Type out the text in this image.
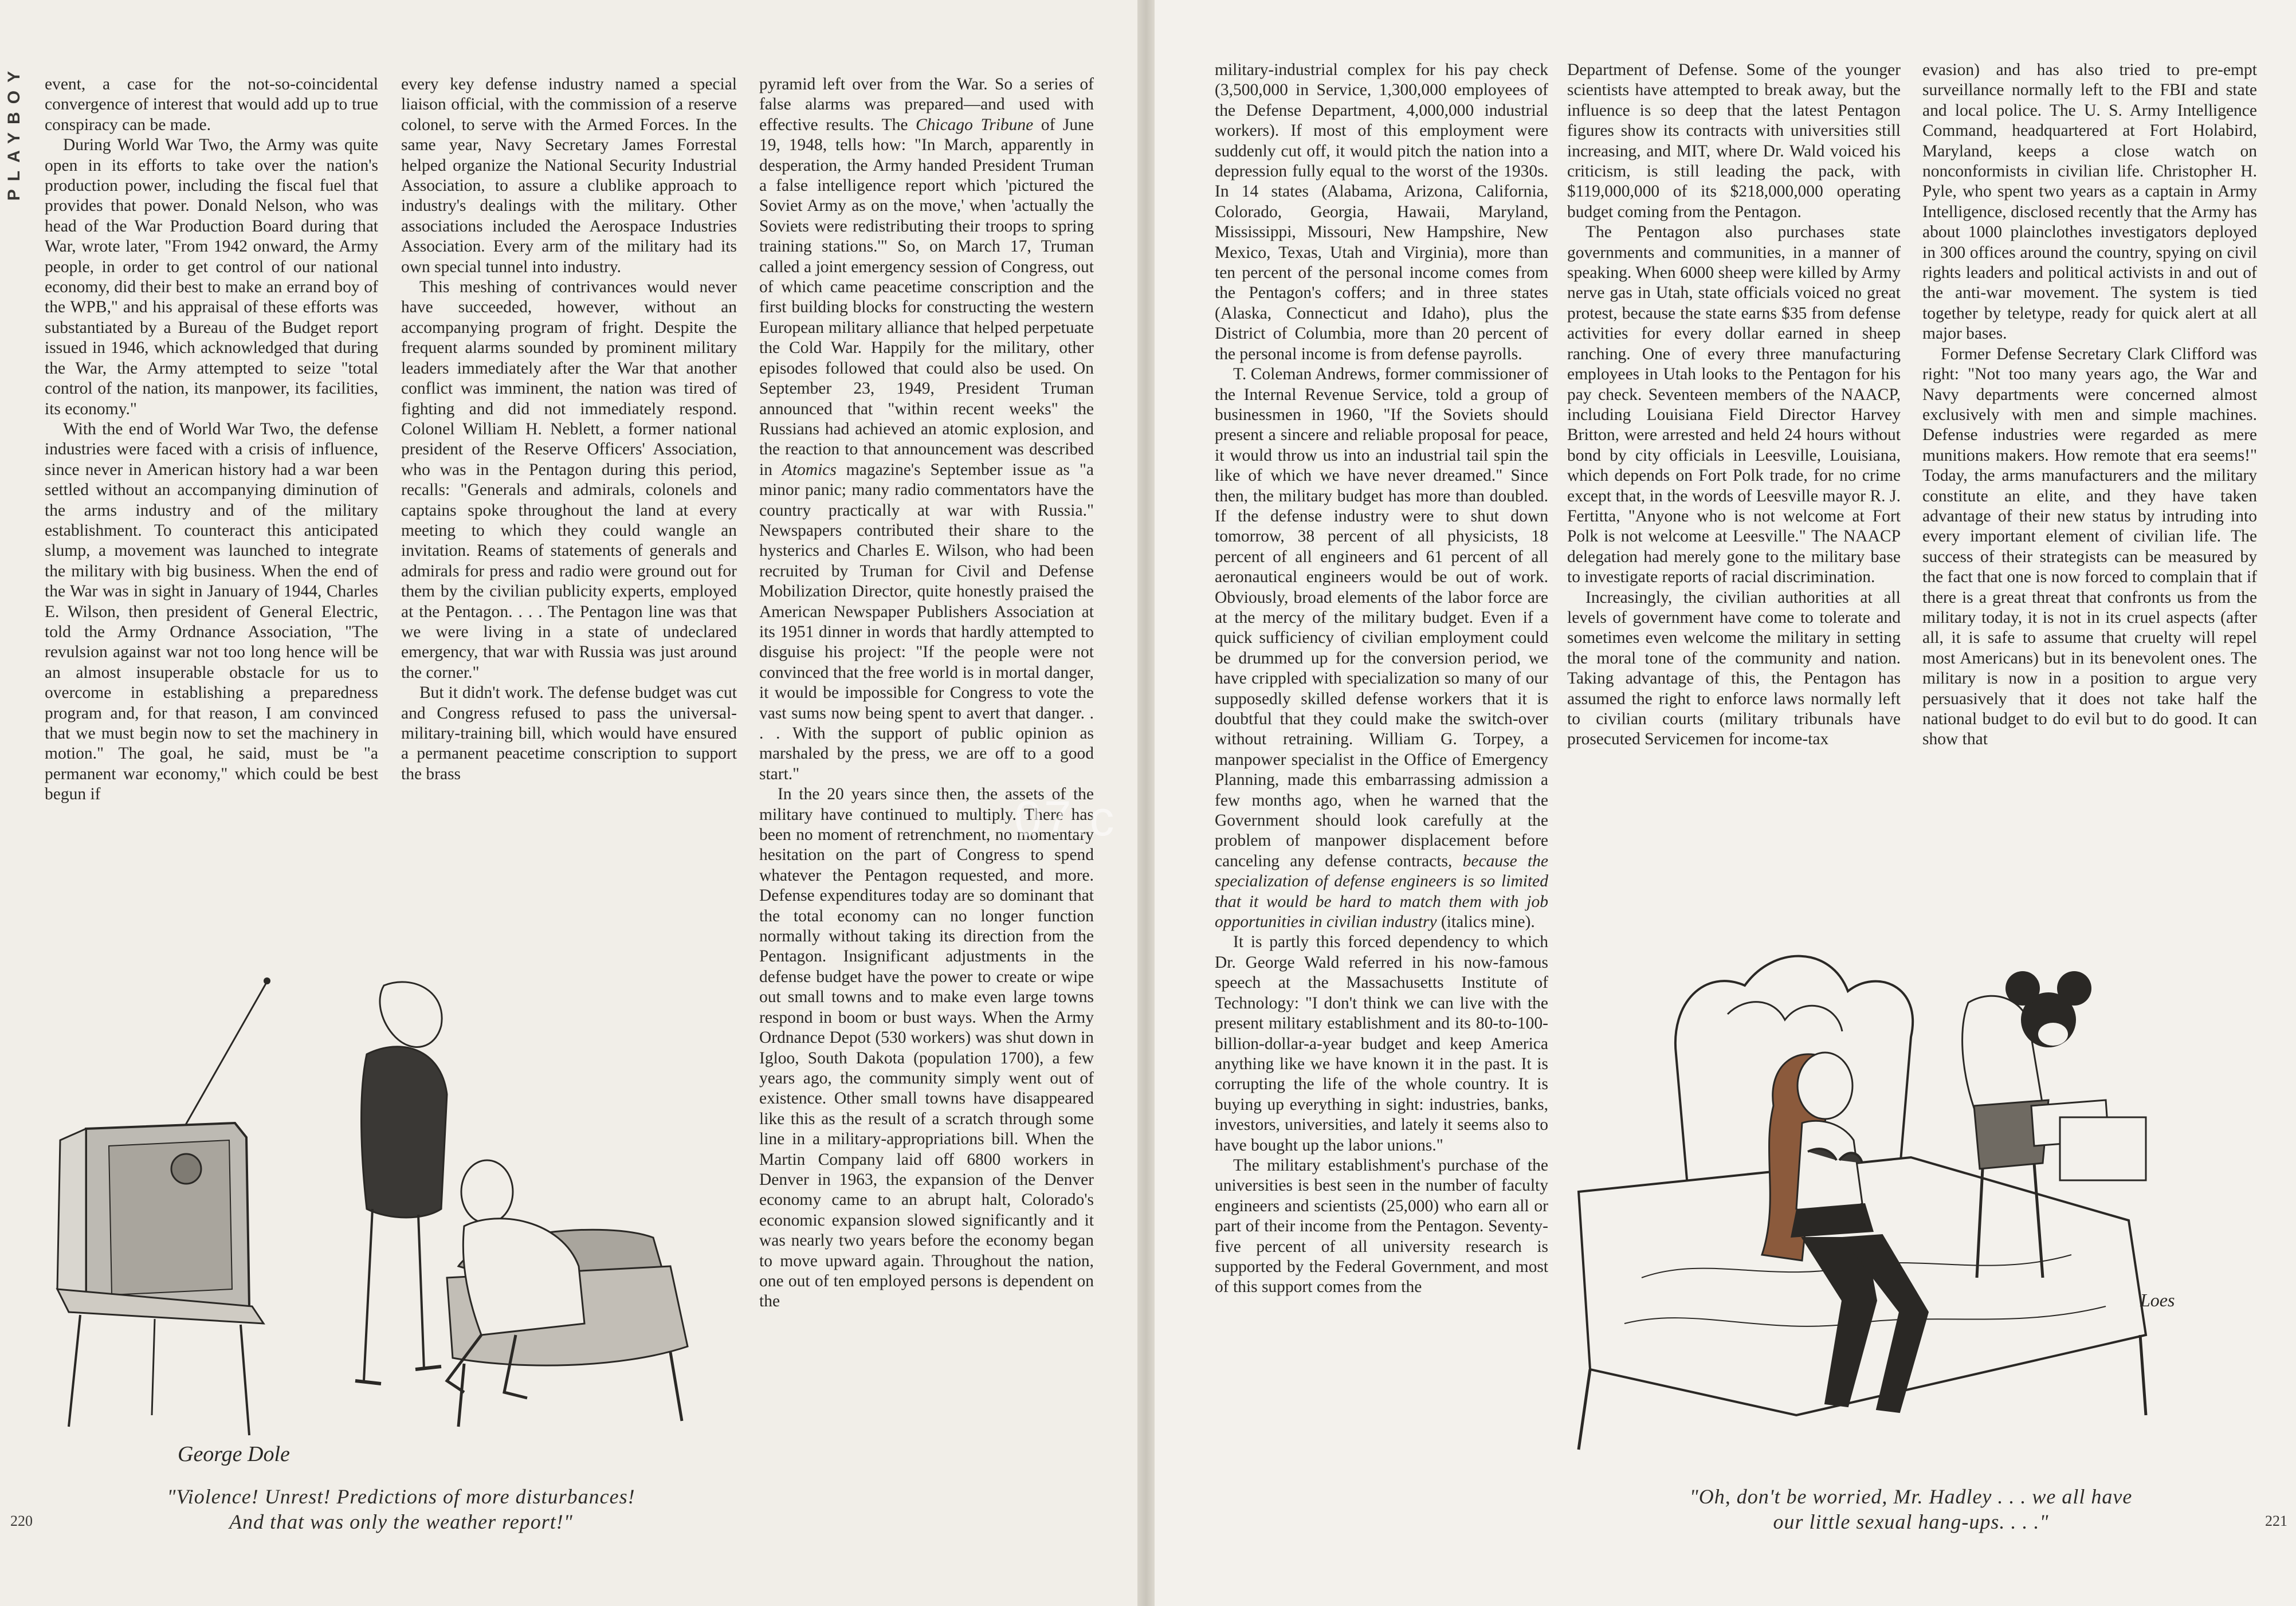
PLAYBOY event, a case for the not-so-coincidental convergence of interest that would add up to true conspiracy can be made.

During World War Two, the Army was quite open in its efforts to take over the nation's production power, including the fiscal fuel that provides that power. Donald Nelson, who was head of the War Production Board during that War, wrote later, "From 1942 onward, the Army people, in order to get control of our national economy, did their best to make an errand boy of the WPB," and his appraisal of these efforts was substantiated by a Bureau of the Budget report issued in 1946, which acknowledged that during the War, the Army attempted to seize "total control of the nation, its manpower, its facilities, its economy."

With the end of World War Two, the defense industries were faced with a crisis of influence, since never in American history had a war been settled without an accompanying diminution of the arms industry and of the military establishment. To counteract this anticipated slump, a movement was launched to integrate the military with big business. When the end of the War was in sight in January of 1944, Charles E. Wilson, then president of General Electric, told the Army Ordnance Association, "The revulsion against war not too long hence will be an almost insuperable obstacle for us to overcome in establishing a preparedness program and, for that reason, I am convinced that we must begin now to set the machinery in motion." The goal, he said, must be "a permanent war economy," which could be best begun if

every key defense industry named a special liaison official, with the commission of a reserve colonel, to serve with the Armed Forces. In the same year, Navy Secretary James Forrestal helped organize the National Security Industrial Association, to assure a clublike approach to industry's dealings with the military. Other associations included the Aerospace Industries Association. Every arm of the military had its own special tunnel into industry.

This meshing of contrivances would never have succeeded, however, without an accompanying program of fright. Despite the frequent alarms sounded by prominent military leaders immediately after the War that another conflict was imminent, the nation was tired of fighting and did not immediately respond. Colonel William H. Neblett, a former national president of the Reserve Officers' Association, who was in the Pentagon during this period, recalls: "Generals and admirals, colonels and captains spoke throughout the land at every meeting to which they could wangle an invitation. Reams of statements of generals and admirals for press and radio were ground out for them by the civilian publicity experts, employed at the Pentagon. . . . The Pentagon line was that we were living in a state of undeclared emergency, that war with Russia was just around the corner."

But it didn't work. The defense budget was cut and Congress refused to pass the universal-military-training bill, which would have ensured a permanent peacetime conscription to support the brass

pyramid left over from the War. So a series of false alarms was prepared—and used with effective results. The Chicago Tribune of June 19, 1948, tells how: "In March, apparently in desperation, the Army handed President Truman a false intelligence report which 'pictured the Soviet Army as on the move,' when 'actually the Soviets were redistributing their troops to spring training stations.'" So, on March 17, Truman called a joint emergency session of Congress, out of which came peacetime conscription and the first building blocks for constructing the western European military alliance that helped perpetuate the Cold War. Happily for the military, other episodes followed that could also be used. On September 23, 1949, President Truman announced that "within recent weeks" the Russians had achieved an atomic explosion, and the reaction to that announcement was described in Atomics magazine's September issue as "a minor panic; many radio commentators have the country practically at war with Russia." Newspapers contributed their share to the hysterics and Charles E. Wilson, who had been recruited by Truman for Civil and Defense Mobilization Director, quite honestly praised the American Newspaper Publishers Association at its 1951 dinner in words that hardly attempted to disguise his project: "If the people were not convinced that the free world is in mortal danger, it would be impossible for Congress to vote the vast sums now being spent to avert that danger. . . . With the support of public opinion as marshaled by the press, we are off to a good start."

In the 20 years since then, the assets of the military have continued to multiply. There has been no moment of retrenchment, no momentary hesitation on the part of Congress to spend whatever the Pentagon requested, and more. Defense expenditures today are so dominant that the total economy can no longer function normally without taking its direction from the Pentagon. Insignificant adjustments in the defense budget have the power to create or wipe out small towns and to make even large towns respond in boom or bust ways. When the Army Ordnance Depot (530 workers) was shut down in Igloo, South Dakota (population 1700), a few years ago, the community simply went out of existence. Other small towns have disappeared like this as the result of a scratch through some line in a military-appropriations bill. When the Martin Company laid off 6800 workers in Denver in 1963, the expansion of the Denver economy came to an abrupt halt, Colorado's economic expansion slowed significantly and it was nearly two years before the economy began to move upward again. Throughout the nation, one out of ten employed persons is dependent on the

George Dole
"Violence! Unrest! Predictions of more disturbances!
And that was only the weather report!"
220

military-industrial complex for his pay check (3,500,000 in Service, 1,300,000 employees of the Defense Department, 4,000,000 industrial workers). If most of this employment were suddenly cut off, it would pitch the nation into a depression fully equal to the worst of the 1930s. In 14 states (Alabama, Arizona, California, Colorado, Georgia, Hawaii, Maryland, Mississippi, Missouri, New Hampshire, New Mexico, Texas, Utah and Virginia), more than ten percent of the personal income comes from the Pentagon's coffers; and in three states (Alaska, Connecticut and Idaho), plus the District of Columbia, more than 20 percent of the personal income is from defense payrolls.

T. Coleman Andrews, former commissioner of the Internal Revenue Service, told a group of businessmen in 1960, "If the Soviets should present a sincere and reliable proposal for peace, it would throw us into an industrial tail spin the like of which we have never dreamed." Since then, the military budget has more than doubled. If the defense industry were to shut down tomorrow, 38 percent of all physicists, 18 percent of all engineers and 61 percent of all aeronautical engineers would be out of work. Obviously, broad elements of the labor force are at the mercy of the military budget. Even if a quick sufficiency of civilian employment could be drummed up for the conversion period, we have crippled with specialization so many of our supposedly skilled defense workers that it is doubtful that they could make the switch-over without retraining. William G. Torpey, a manpower specialist in the Office of Emergency Planning, made this embarrassing admission a few months ago, when he warned that the Government should look carefully at the problem of manpower displacement before canceling any defense contracts, because the specialization of defense engineers is so limited that it would be hard to match them with job opportunities in civilian industry (italics mine).

It is partly this forced dependency to which Dr. George Wald referred in his now-famous speech at the Massachusetts Institute of Technology: "I don't think we can live with the present military establishment and its 80-to-100-billion-dollar-a-year budget and keep America anything like we have known it in the past. It is corrupting the life of the whole country. It is buying up everything in sight: industries, banks, investors, universities, and lately it seems also to have bought up the labor unions."

The military establishment's purchase of the universities is best seen in the number of faculty engineers and scientists (25,000) who earn all or part of their income from the Pentagon. Seventy-five percent of all university research is supported by the Federal Government, and most of this support comes from the

Department of Defense. Some of the younger scientists have attempted to break away, but the influence is so deep that the latest Pentagon figures show its contracts with universities still increasing, and MIT, where Dr. Wald voiced his criticism, is still leading the pack, with $119,000,000 of its $218,000,000 operating budget coming from the Pentagon.

The Pentagon also purchases state governments and communities, in a manner of speaking. When 6000 sheep were killed by Army nerve gas in Utah, state officials voiced no great protest, because the state earns $35 from defense activities for every dollar earned in sheep ranching. One of every three manufacturing employees in Utah looks to the Pentagon for his pay check. Seventeen members of the NAACP, including Louisiana Field Director Harvey Britton, were arrested and held 24 hours without bond by city officials in Leesville, Louisiana, which depends on Fort Polk trade, for no crime except that, in the words of Leesville mayor R. J. Fertitta, "Anyone who is not welcome at Fort Polk is not welcome at Leesville." The NAACP delegation had merely gone to the military base to investigate reports of racial discrimination.

Increasingly, the civilian authorities at all levels of government have come to tolerate and sometimes even welcome the military in setting the moral tone of the community and nation. Taking advantage of this, the Pentagon has assumed the right to enforce laws normally left to civilian courts (military tribunals have prosecuted Servicemen for income-tax

evasion) and has also tried to pre-empt surveillance normally left to the FBI and state and local police. The U. S. Army Intelligence Command, headquartered at Fort Holabird, Maryland, keeps a close watch on nonconformists in civilian life. Christopher H. Pyle, who spent two years as a captain in Army Intelligence, disclosed recently that the Army has about 1000 plainclothes investigators deployed in 300 offices around the country, spying on civil rights leaders and political activists in and out of the anti-war movement. The system is tied together by teletype, ready for quick alert at all major bases.

Former Defense Secretary Clark Clifford was right: "Not too many years ago, the War and Navy departments were concerned almost exclusively with men and simple machines. Defense industries were regarded as mere munitions makers. How remote that era seems!" Today, the arms manufacturers and the military constitute an elite, and they have taken advantage of their new status by intruding into every important element of civilian life. The success of their strategists can be measured by the fact that one is now forced to complain that if there is a great threat that confronts us from the military today, it is not in its cruel aspects (after all, it is safe to assume that cruelty will repel most Americans) but in its benevolent ones. The military is now in a position to argue very persuasively that it does not take half the national budget to do evil but to do good. It can show that

Loes
"Oh, don't be worried, Mr. Hadley . . . we all have
our little sexual hang-ups. . . ."	221
07.c
